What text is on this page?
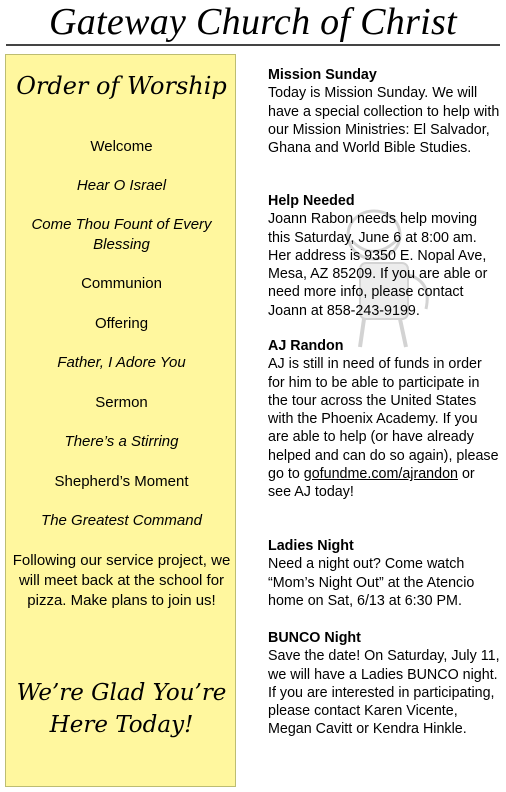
Gateway Church of Christ
Order of Worship
Welcome
Hear O Israel
Come Thou Fount of Every Blessing
Communion
Offering
Father, I Adore You
Sermon
There’s a Stirring
Shepherd’s Moment
The Greatest Command
Following our service project, we will meet back at the school for pizza. Make plans to join us!
We’re Glad You’re
Here Today!
Mission Sunday
Today is Mission Sunday. We will have a special collection to help with our Mission Ministries: El Salvador, Ghana and World Bible Studies.
Help Needed
Joann Rabon needs help moving this Saturday, June 6 at 8:00 am. Her address is 9350 E. Nopal Ave, Mesa, AZ 85209. If you are able or need more info, please contact Joann at 858-243-9199.
AJ Randon
AJ is still in need of funds in order for him to be able to participate in the tour across the United States with the Phoenix Academy. If you are able to help (or have already helped and can do so again), please go to gofundme.com/ajrandon or see AJ today!
Ladies Night
Need a night out? Come watch “Mom’s Night Out” at the Atencio home on Sat, 6/13 at 6:30 PM.
BUNCO Night
Save the date! On Saturday, July 11, we will have a Ladies BUNCO night. If you are interested in participating, please contact Karen Vicente, Megan Cavitt or Kendra Hinkle.
